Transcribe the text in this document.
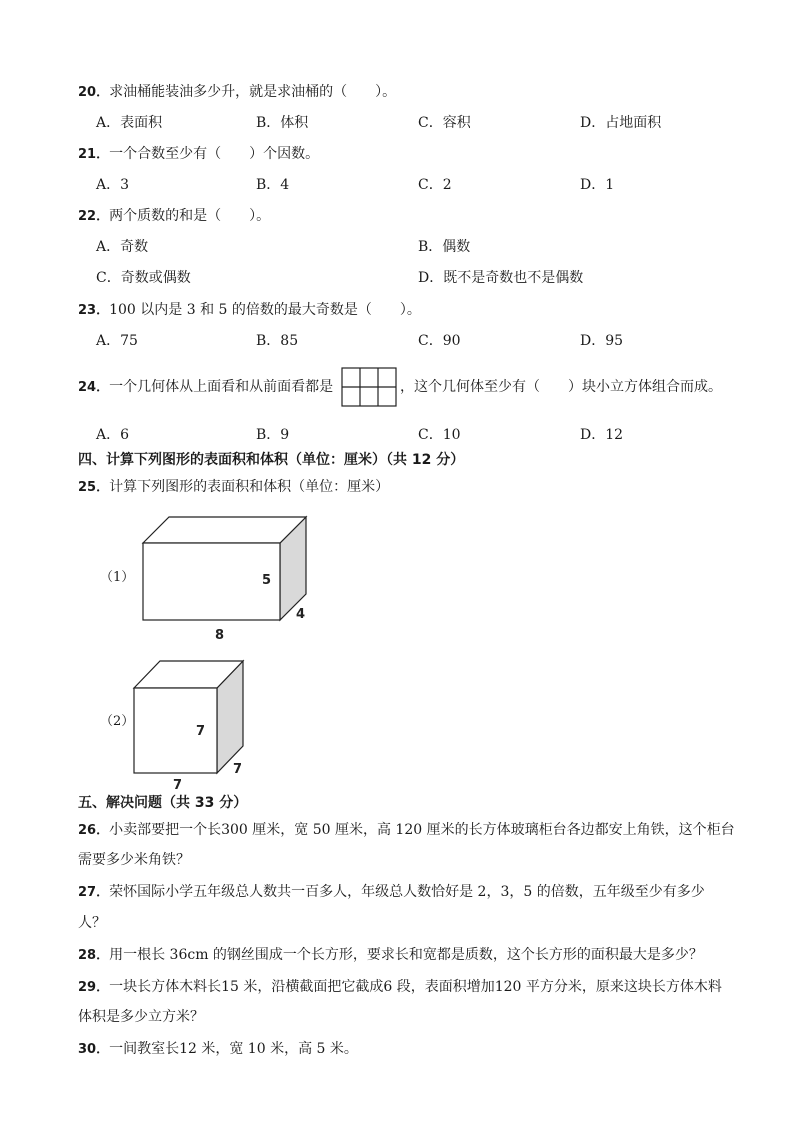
20．求油桶能装油多少升，就是求油桶的（　　）。
A．表面积	B．体积	C．容积	D．占地面积
21．一个合数至少有（　　）个因数。
A．3	B．4	C．2	D．1
22．两个质数的和是（　　）。
A．奇数	B．偶数
C．奇数或偶数	D．既不是奇数也不是偶数
23．100 以内是 3 和 5 的倍数的最大奇数是（　　）。
A．75	B．85	C．90	D．95
24．一个几何体从上面看和从前面看都是	，这个几何体至少有（　　）块小立方体组合而成。
A．6	B．9	C．10	D．12
四、计算下列图形的表面积和体积（单位：厘米）（共 12 分）
25．计算下列图形的表面积和体积（单位：厘米）
（1）	5
4
8
（2）
7
7
7
五、解决问题（共 33 分）
26．小卖部要把一个长300 厘米，宽 50 厘米，高 120 厘米的长方体玻璃柜台各边都安上角铁，这个柜台
需要多少米角铁？
27．荣怀国际小学五年级总人数共一百多人，年级总人数恰好是 2，3，5 的倍数，五年级至少有多少
人？
28．用一根长 36cm 的钢丝围成一个长方形，要求长和宽都是质数，这个长方形的面积最大是多少？
29．一块长方体木料长15 米，沿横截面把它截成6 段，表面积增加120 平方分米，原来这块长方体木料
体积是多少立方米？
30．一间教室长12 米，宽 10 米，高 5 米。
